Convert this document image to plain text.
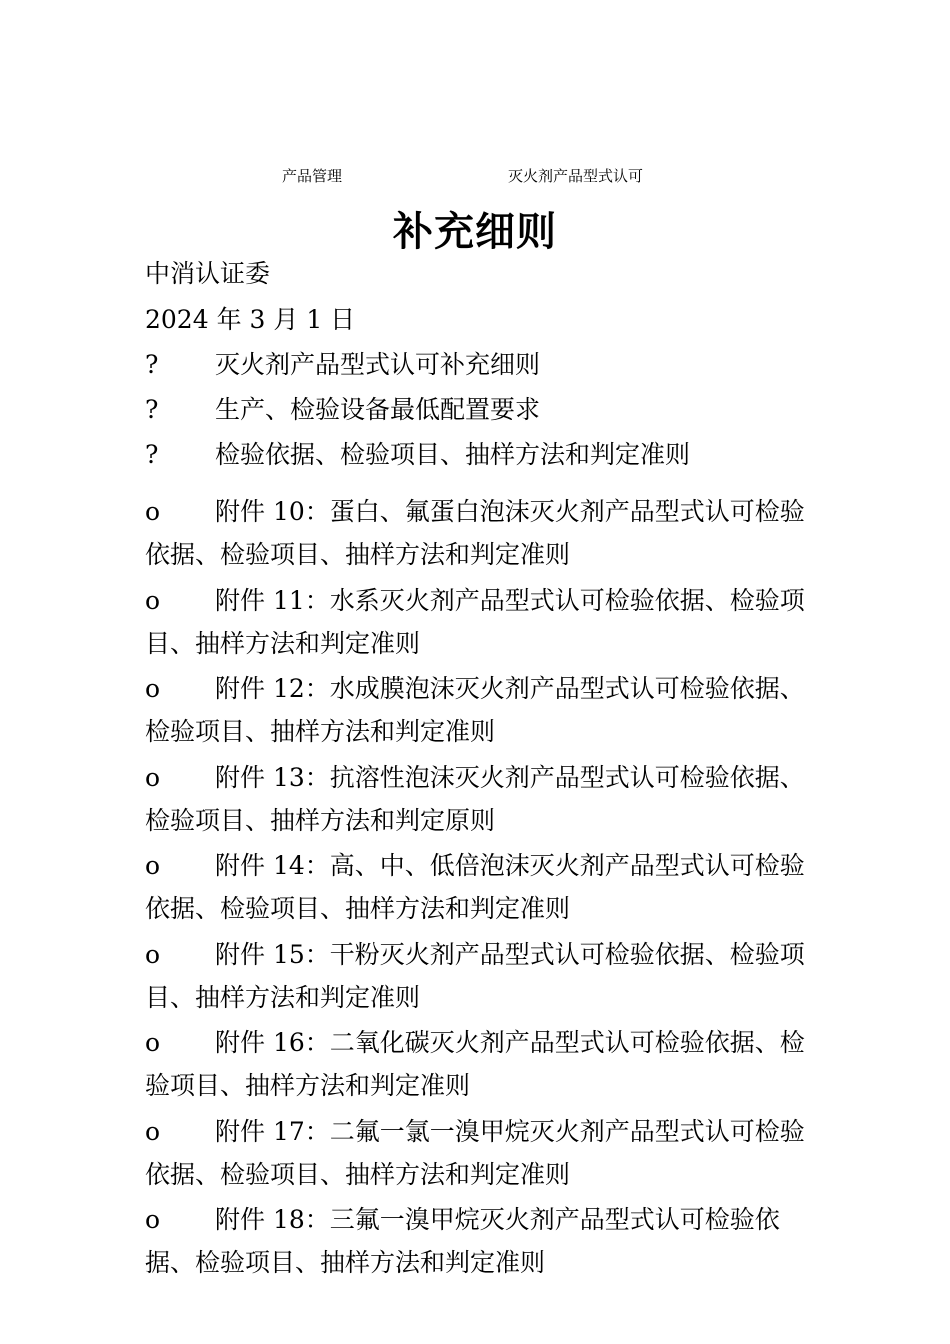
产品管理	灭火剂产品型式认可
补充细则
中消认证委
2024 年 3 月 1 日
?	灭火剂产品型式认可补充细则
?	生产、检验设备最低配置要求
?	检验依据、检验项目、抽样方法和判定准则
o 附件 10：蛋白、氟蛋白泡沫灭火剂产品型式认可检验依据、检验项目、抽样方法和判定准则
o 附件 11：水系灭火剂产品型式认可检验依据、检验项目、抽样方法和判定准则
o 附件 12：水成膜泡沫灭火剂产品型式认可检验依据、检验项目、抽样方法和判定准则
o 附件 13：抗溶性泡沫灭火剂产品型式认可检验依据、检验项目、抽样方法和判定原则
o 附件 14：高、中、低倍泡沫灭火剂产品型式认可检验依据、检验项目、抽样方法和判定准则
o 附件 15：干粉灭火剂产品型式认可检验依据、检验项目、抽样方法和判定准则
o 附件 16：二氧化碳灭火剂产品型式认可检验依据、检验项目、抽样方法和判定准则
o 附件 17：二氟一氯一溴甲烷灭火剂产品型式认可检验依据、检验项目、抽样方法和判定准则
o 附件 18：三氟一溴甲烷灭火剂产品型式认可检验依据、检验项目、抽样方法和判定准则
